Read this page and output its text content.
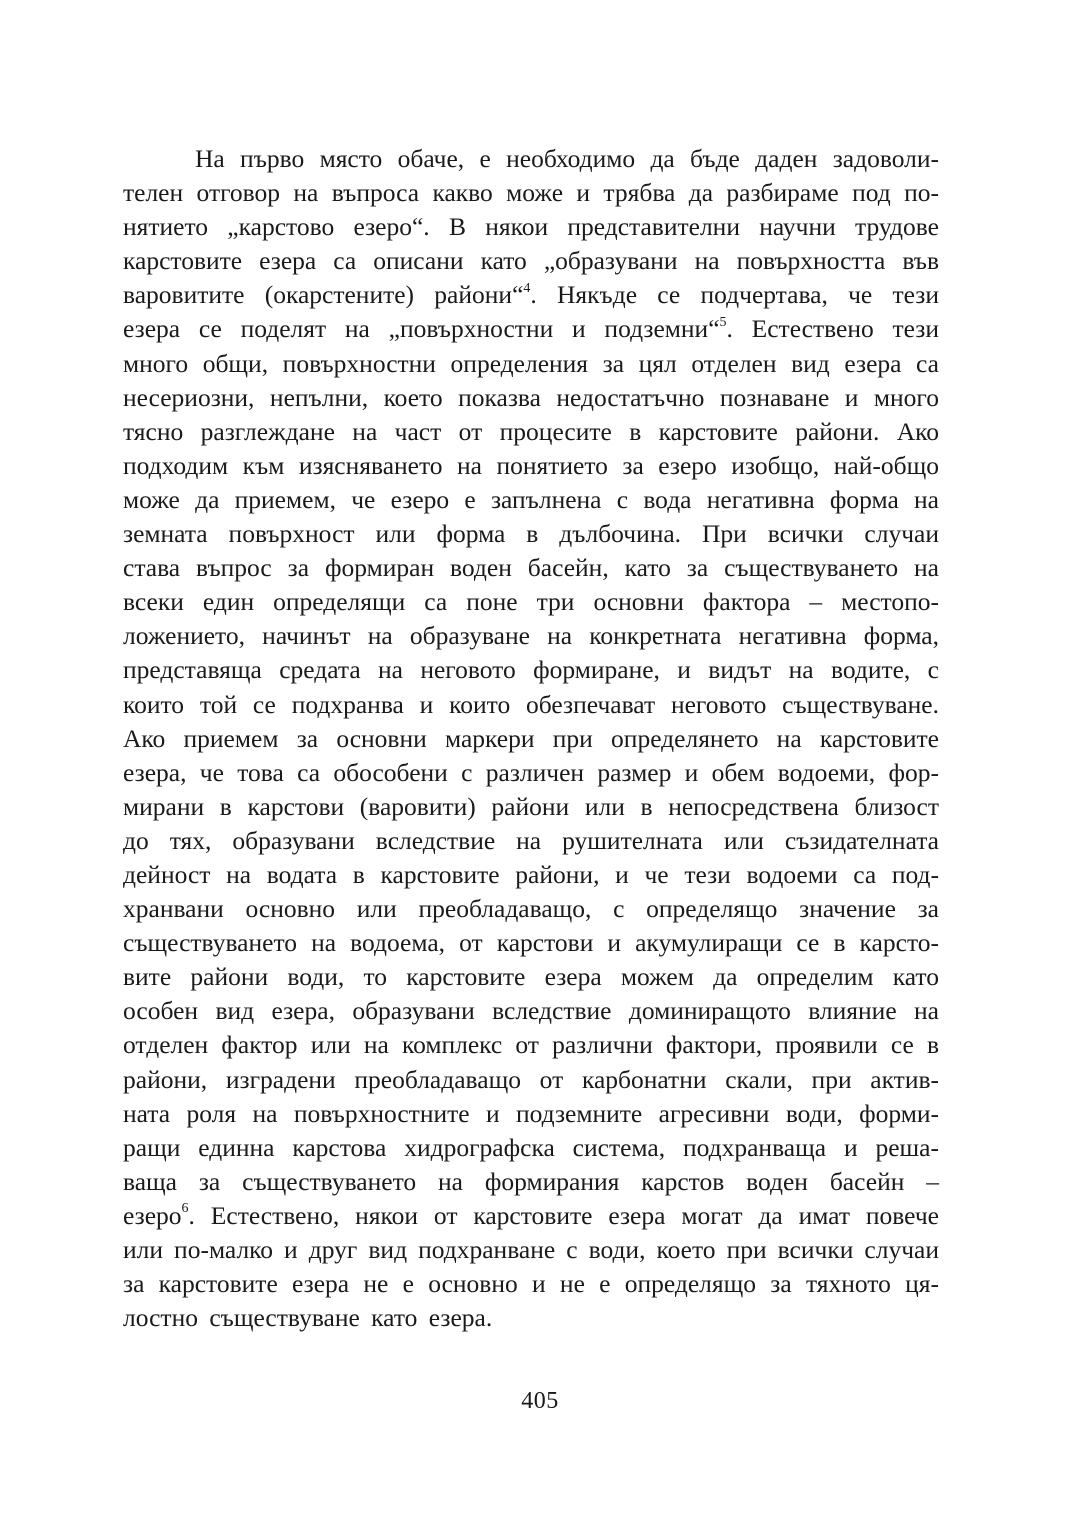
На първо място обаче, е необходимо да бъде даден задоволи-
телен отговор на въпроса какво може и трябва да разбираме под по-
нятието „карстово езеро“. В някои представителни научни трудове
карстовите езера са описани като „образувани на повърхността във
варовитите (окарстените) райони“$^4$. Някъде се подчертава, че тези
езера се поделят на „повърхностни и подземни“$^5$. Естествено тези
много общи, повърхностни определения за цял отделен вид езера са
несериозни, непълни, което показва недостатъчно познаване и много
тясно разглеждане на част от процесите в карстовите райони. Ако
подходим към изясняването на понятието за езеро изобщо, най-общо
може да приемем, че езеро е запълнена с вода негативна форма на
земната повърхност или форма в дълбочина. При всички случаи
става въпрос за формиран воден басейн, като за съществуването на
всеки един определящи са поне три основни фактора – местопо-
ложението, начинът на образуване на конкретната негативна форма,
представяща средата на неговото формиране, и видът на водите, с
които той се подхранва и които обезпечават неговото съществуване.
Ако приемем за основни маркери при определянето на карстовите
езера, че това са обособени с различен размер и обем водоеми, фор-
мирани в карстови (варовити) райони или в непосредствена близост
до тях, образувани вследствие на рушителната или съзидателната
дейност на водата в карстовите райони, и че тези водоеми са под-
хранвани основно или преобладаващо, с определящо значение за
съществуването на водоема, от карстови и акумулиращи се в карсто-
вите райони води, то карстовите езера можем да определим като
особен вид езера, образувани вследствие доминиращото влияние на
отделен фактор или на комплекс от различни фактори, проявили се в
райони, изградени преобладаващо от карбонатни скали, при актив-
ната роля на повърхностните и подземните агресивни води, форми-
ращи единна карстова хидрографска система, подхранваща и реша-
ваща за съществуването на формирания карстов воден басейн –
езеро$^6$. Естествено, някои от карстовите езера могат да имат повече
или по-малко и друг вид подхранване с води, което при всички случаи
за карстовите езера не е основно и не е определящо за тяхното ця-
лостно съществуване като езера.
405
